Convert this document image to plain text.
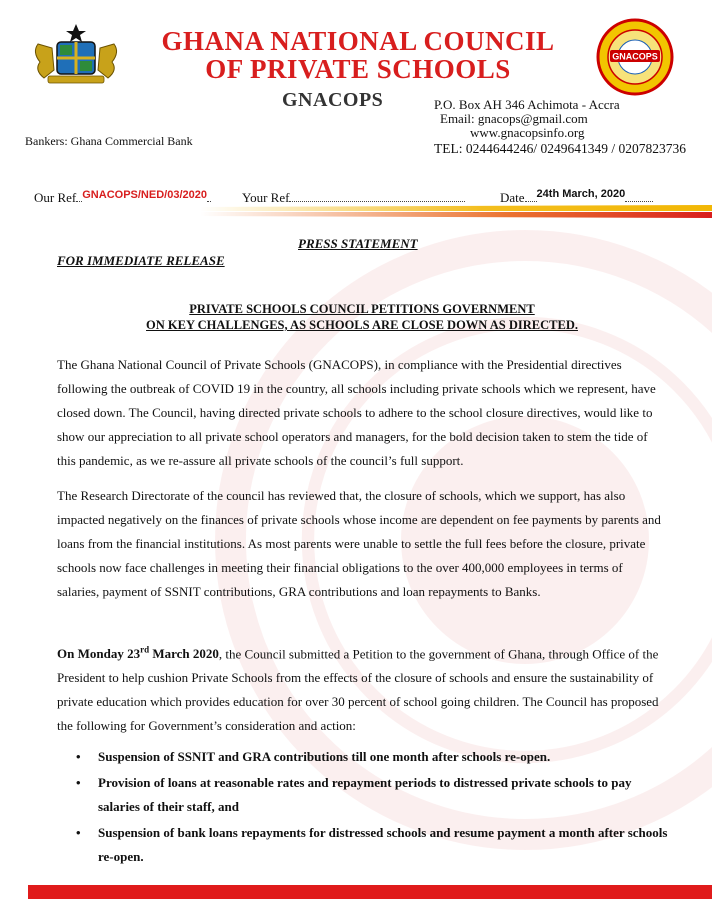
GNACOPS
GHANA NATIONAL COUNCIL
OF PRIVATE SCHOOLS
GNACOPS	P.O. Box AH 346 Achimota - Accra
Email: gnacops@gmail.com
www.gnacopsinfo.org
TEL: 0244644246/ 0249641349 / 0207823736
Bankers: Ghana Commercial Bank
Our Ref $^{GNACOPS/NED/03/2020}$	Your Ref	Date $^{24th March, 2020}$
PRESS STATEMENT
FOR IMMEDIATE RELEASE
PRIVATE SCHOOLS COUNCIL PETITIONS GOVERNMENT
ON KEY CHALLENGES, AS SCHOOLS ARE CLOSE DOWN AS DIRECTED.
The Ghana National Council of Private Schools (GNACOPS), in compliance with the Presidential directives following the outbreak of COVID 19 in the country, all schools including private schools which we represent, have closed down. The Council, having directed private schools to adhere to the school closure directives, would like to show our appreciation to all private school operators and managers, for the bold decision taken to stem the tide of this pandemic, as we re-assure all private schools of the council’s full support.
The Research Directorate of the council has reviewed that, the closure of schools, which we support, has also impacted negatively on the finances of private schools whose income are dependent on fee payments by parents and loans from the financial institutions. As most parents were unable to settle the full fees before the closure, private schools now face challenges in meeting their financial obligations to the over 400,000 employees in terms of salaries, payment of SSNIT contributions, GRA contributions and loan repayments to Banks.
On Monday 23rd March 2020, the Council submitted a Petition to the government of Ghana, through Office of the President to help cushion Private Schools from the effects of the closure of schools and ensure the sustainability of private education which provides education for over 30 percent of school going children. The Council has proposed the following for Government’s consideration and action:
• Suspension of SSNIT and GRA contributions till one month after schools re-open.
• Provision of loans at reasonable rates and repayment periods to distressed private schools to pay salaries of their staff, and
• Suspension of bank loans repayments for distressed schools and resume payment a month after schools re-open.
